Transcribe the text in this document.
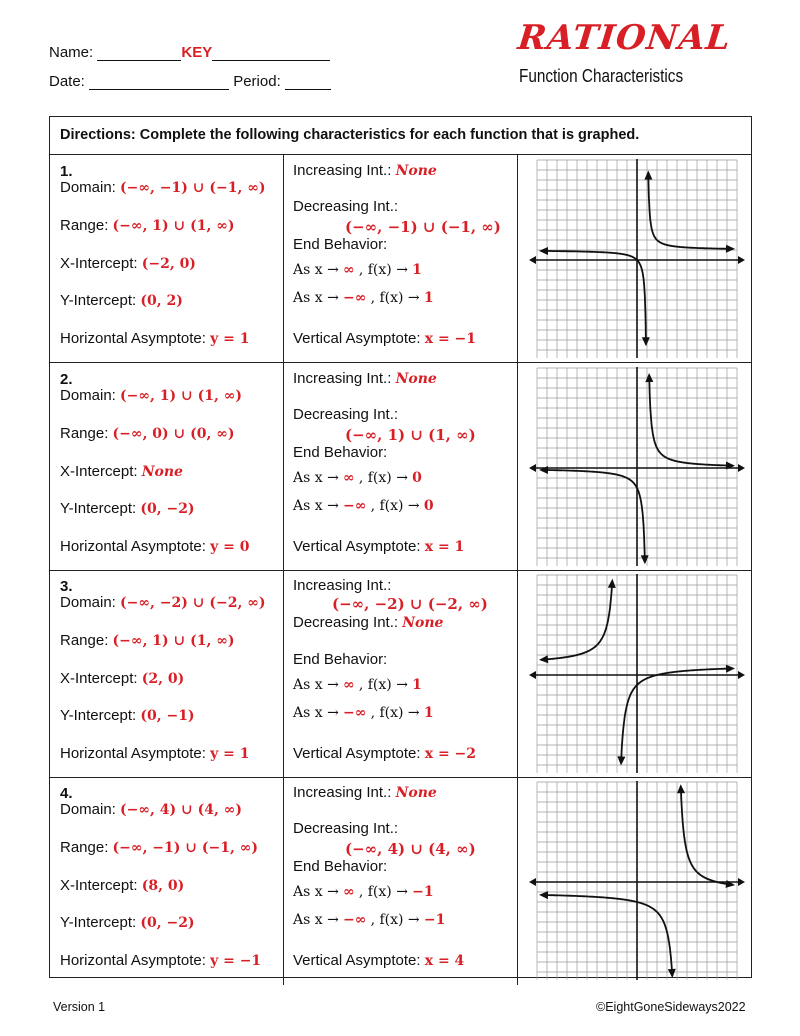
Name:	KEY
Date:	Period:
RATIONAL
Function Characteristics
Directions: Complete the following characteristics for each function that is graphed.
1.
Domain: (−∞, −1) ∪ (−1, ∞)
Range: (−∞, 1) ∪ (1, ∞)
X-Intercept: (−2, 0)
Y-Intercept: (0, 2)
Horizontal Asymptote: y = 1
Increasing Int.: None
Decreasing Int.:
(−∞, −1) ∪ (−1, ∞)
End Behavior:
As x → ∞ , f(x) → 1
As x → −∞ , f(x) → 1
Vertical Asymptote: x = −1
2.
Domain: (−∞, 1) ∪ (1, ∞)
Range: (−∞, 0) ∪ (0, ∞)
X-Intercept: None
Y-Intercept: (0, −2)
Horizontal Asymptote: y = 0
Increasing Int.: None
Decreasing Int.:
(−∞, 1) ∪ (1, ∞)
End Behavior:
As x → ∞ , f(x) → 0
As x → −∞ , f(x) → 0
Vertical Asymptote: x = 1
3.
Domain: (−∞, −2) ∪ (−2, ∞)
Range: (−∞, 1) ∪ (1, ∞)
X-Intercept: (2, 0)
Y-Intercept: (0, −1)
Horizontal Asymptote: y = 1
Increasing Int.:
(−∞, −2) ∪ (−2, ∞)
Decreasing Int.: None
End Behavior:
As x → ∞ , f(x) → 1
As x → −∞ , f(x) → 1
Vertical Asymptote: x = −2
4.
Domain: (−∞, 4) ∪ (4, ∞)
Range: (−∞, −1) ∪ (−1, ∞)
X-Intercept: (8, 0)
Y-Intercept: (0, −2)
Horizontal Asymptote: y = −1
Increasing Int.: None
Decreasing Int.:
(−∞, 4) ∪ (4, ∞)
End Behavior:
As x → ∞ , f(x) → −1
As x → −∞ , f(x) → −1
Vertical Asymptote: x = 4
Version 1	©EightGoneSideways2022
